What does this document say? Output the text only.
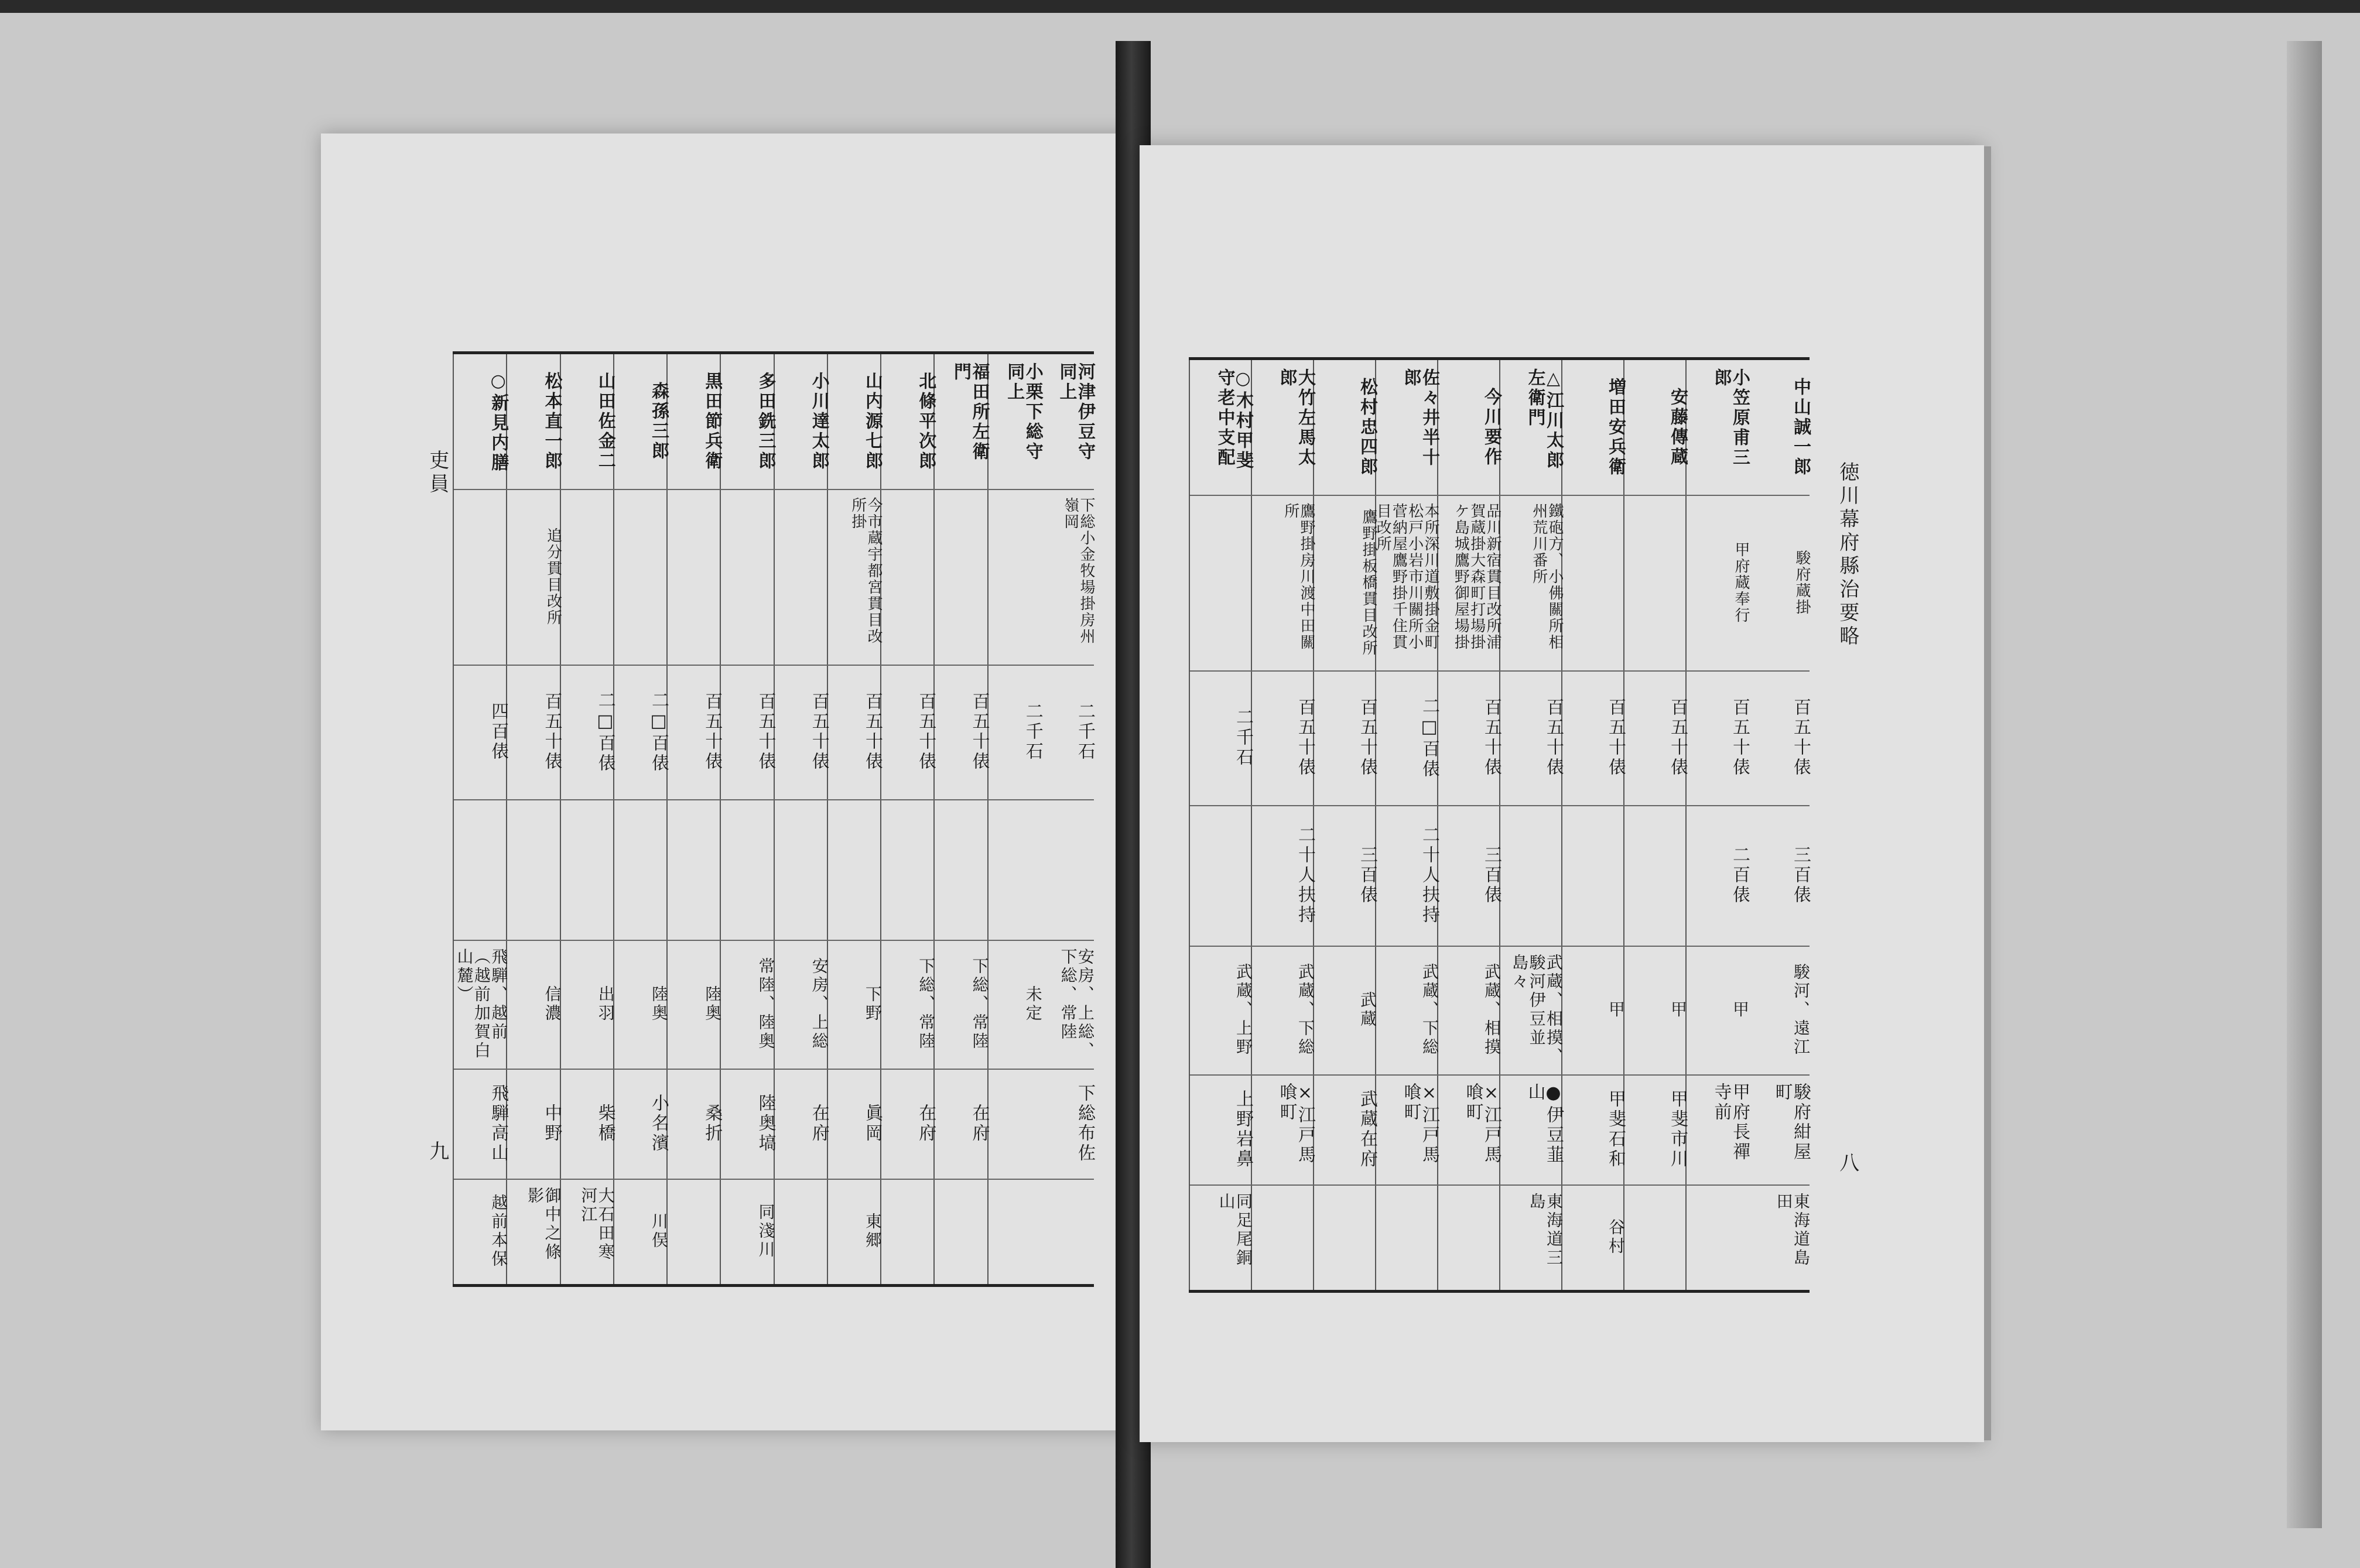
吏員
九
河津伊豆守同上
下総小金牧場掛房州嶺岡
二千石
安房、上総、下総、常陸
下総布佐
小栗下総守同上
二千石
未定
福田所左衛門
百五十俵
下総、常陸
在府
北條平次郎
百五十俵
下総、常陸
在府
山内源七郎
今市蔵宇都宮貫目改所掛
百五十俵
下野
眞岡
東郷
小川達太郎
百五十俵
安房、上総
在府
多田銑三郎
百五十俵
常陸、陸奥
陸奥塙
同淺川
黒田節兵衛
百五十俵
陸奥
桑折
森孫三郎
二□百俵
陸奥
小名濱
川俣
山田佐金二
二□百俵
出羽
柴橋
大石田寒河江
松本直一郎
追分貫目改所
百五十俵
信濃
中野
御中之條影
○新見内膳
四百俵
飛騨、越前（越前加賀白山麓）
飛騨高山
越前本保
徳川幕府縣治要略
八
中山誠一郎
駿府蔵掛
百五十俵
三百俵
駿河、遠江
駿府紺屋町
東海道島田
小笠原甫三郎
甲府蔵奉行
百五十俵
二百俵
甲
甲府長禪寺前
安藤傳蔵
百五十俵
甲
甲斐市川
増田安兵衛
百五十俵
甲
甲斐石和
谷村
△江川太郎左衛門
鐵砲方、小佛關所相州荒川番所
百五十俵
武蔵、相摸、駿河伊豆並島々
●伊豆韮山
東海道三島
今川要作
品川新宿貫目改所浦賀蔵掛大森町打場掛ケ島城鷹野御屋場掛
百五十俵
三百俵
武蔵、相摸
×江戸馬喰町
佐々井半十郎
本所深川道敷掛金町松戸小岩市川關所小菅納屋鷹野掛千住貫目改所
二□百俵
二十人扶持
武蔵、下総
×江戸馬喰町
松村忠四郎
鷹野掛板橋貫目改所
百五十俵
三百俵
武蔵
武蔵在府
大竹左馬太郎
鷹野掛房川渡中田關所
百五十俵
二十人扶持
武蔵、下総
×江戸馬喰町
○木村甲斐守老中支配
二千石
武蔵、上野
上野岩鼻
同足尾銅山
